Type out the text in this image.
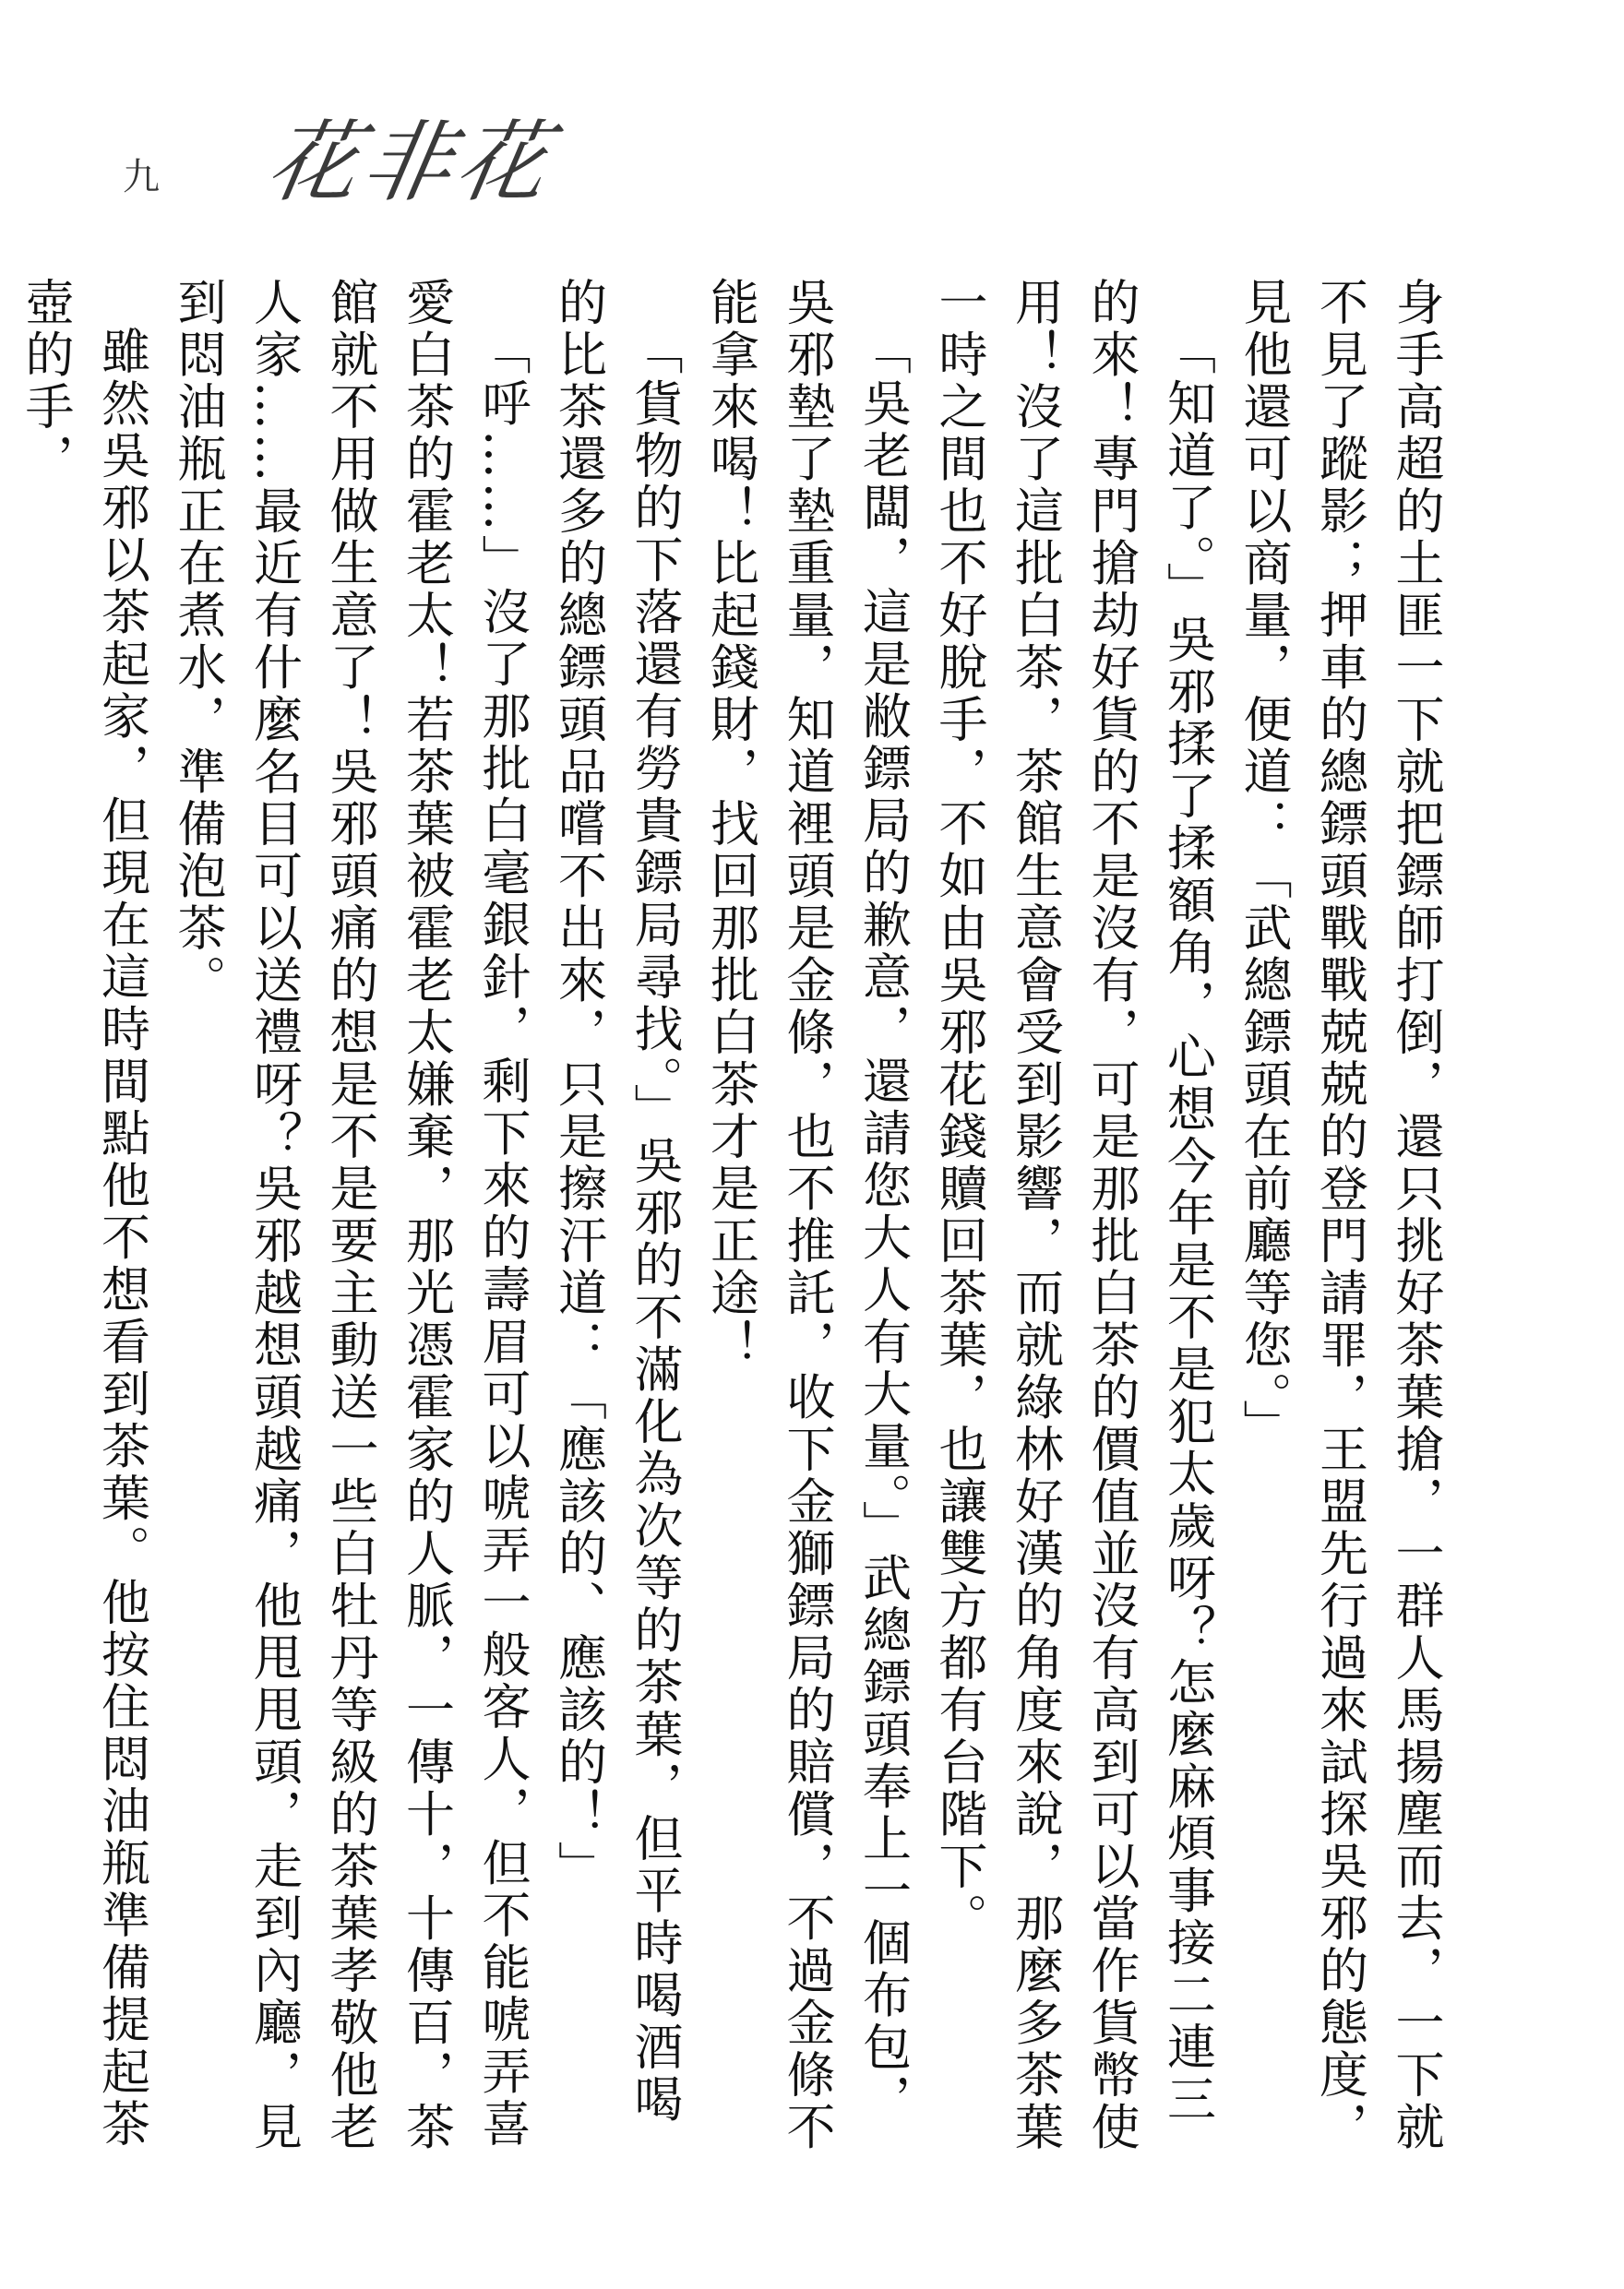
九 花非花

身手高超的土匪一下就把鏢師打倒，還只挑好茶葉搶，一群人馬揚塵而去，一下就不見了蹤影；押車的總鏢頭戰戰兢兢的登門請罪，王盟先行過來試探吳邪的態度，見他還可以商量，便道：「武總鏢頭在前廳等您。」

「知道了。」吳邪揉了揉額角，心想今年是不是犯太歲呀？怎麼麻煩事接二連三的來！專門搶劫好貨的不是沒有，可是那批白茶的價值並沒有高到可以當作貨幣使用！沒了這批白茶，茶館生意會受到影響，而就綠林好漢的角度來說，那麼多茶葉一時之間也不好脫手，不如由吳邪花錢贖回茶葉，也讓雙方都有台階下。

「吳老闆，這是敝鏢局的歉意，還請您大人有大量。」武總鏢頭奉上一個布包，吳邪墊了墊重量，知道裡頭是金條，也不推託，收下金獅鏢局的賠償，不過金條不能拿來喝！比起錢財，找回那批白茶才是正途！

「貨物的下落還有勞貴鏢局尋找。」吳邪的不滿化為次等的茶葉，但平時喝酒喝的比茶還多的總鏢頭品嚐不出來，只是擦汗道：「應該的、應該的！」

「呼……」沒了那批白毫銀針，剩下來的壽眉可以唬弄一般客人，但不能唬弄喜愛白茶的霍老太！若茶葉被霍老太嫌棄，那光憑霍家的人脈，一傳十，十傳百，茶館就不用做生意了！吳邪頭痛的想是不是要主動送一些白牡丹等級的茶葉孝敬他老人家……最近有什麼名目可以送禮呀？吳邪越想頭越痛，他甩甩頭，走到內廳，見到悶油瓶正在煮水，準備泡茶。

雖然吳邪以茶起家，但現在這時間點他不想看到茶葉。他按住悶油瓶準備提起茶壺的手，
